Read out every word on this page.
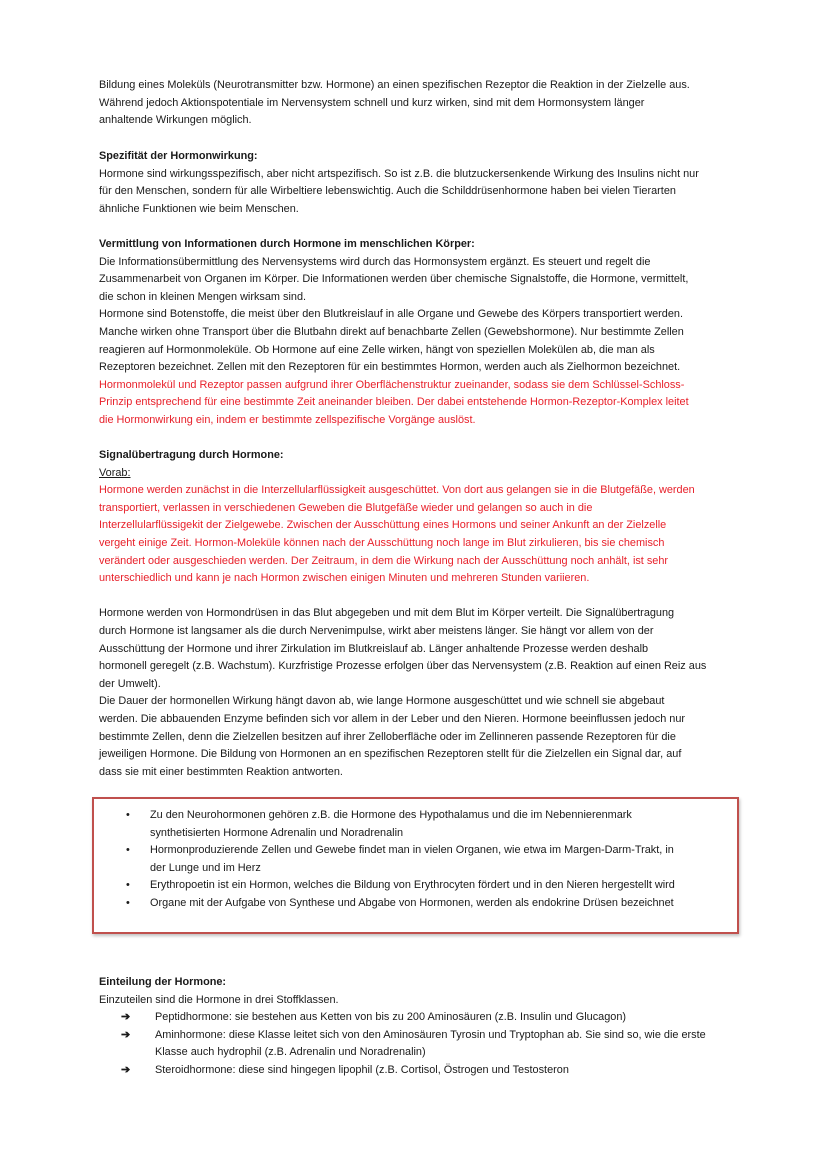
Bildung eines Moleküls (Neurotransmitter bzw. Hormone) an einen spezifischen Rezeptor die Reaktion in der Zielzelle aus.
Während jedoch Aktionspotentiale im Nervensystem schnell und kurz wirken, sind mit dem Hormonsystem länger
anhaltende Wirkungen möglich.
Spezifität der Hormonwirkung:
Hormone sind wirkungsspezifisch, aber nicht artspezifisch. So ist z.B. die blutzuckersenkende Wirkung des Insulins nicht nur
für den Menschen, sondern für alle Wirbeltiere lebenswichtig. Auch die Schilddrüsenhormone haben bei vielen Tierarten
ähnliche Funktionen wie beim Menschen.
Vermittlung von Informationen durch Hormone im menschlichen Körper:
Die Informationsübermittlung des Nervensystems wird durch das Hormonsystem ergänzt. Es steuert und regelt die
Zusammenarbeit von Organen im Körper. Die Informationen werden über chemische Signalstoffe, die Hormone, vermittelt,
die schon in kleinen Mengen wirksam sind.
Hormone sind Botenstoffe, die meist über den Blutkreislauf in alle Organe und Gewebe des Körpers transportiert werden.
Manche wirken ohne Transport über die Blutbahn direkt auf benachbarte Zellen (Gewebshormone). Nur bestimmte Zellen
reagieren auf Hormonmoleküle. Ob Hormone auf eine Zelle wirken, hängt von speziellen Molekülen ab, die man als
Rezeptoren bezeichnet. Zellen mit den Rezeptoren für ein bestimmtes Hormon, werden auch als Zielhormon bezeichnet.
Hormonmolekül und Rezeptor passen aufgrund ihrer Oberflächenstruktur zueinander, sodass sie dem Schlüssel-Schloss-
Prinzip entsprechend für eine bestimmte Zeit aneinander bleiben. Der dabei entstehende Hormon-Rezeptor-Komplex leitet
die Hormonwirkung ein, indem er bestimmte zellspezifische Vorgänge auslöst.
Signalübertragung durch Hormone:
Vorab:
Hormone werden zunächst in die Interzellularflüssigkeit ausgeschüttet. Von dort aus gelangen sie in die Blutgefäße, werden
transportiert, verlassen in verschiedenen Geweben die Blutgefäße wieder und gelangen so auch in die
Interzellularflüssigekit der Zielgewebe. Zwischen der Ausschüttung eines Hormons und seiner Ankunft an der Zielzelle
vergeht einige Zeit. Hormon-Moleküle können nach der Ausschüttung noch lange im Blut zirkulieren, bis sie chemisch
verändert oder ausgeschieden werden. Der Zeitraum, in dem die Wirkung nach der Ausschüttung noch anhält, ist sehr
unterschiedlich und kann je nach Hormon zwischen einigen Minuten und mehreren Stunden variieren.
Hormone werden von Hormondrüsen in das Blut abgegeben und mit dem Blut im Körper verteilt. Die Signalübertragung
durch Hormone ist langsamer als die durch Nervenimpulse, wirkt aber meistens länger. Sie hängt vor allem von der
Ausschüttung der Hormone und ihrer Zirkulation im Blutkreislauf ab. Länger anhaltende Prozesse werden deshalb
hormonell geregelt (z.B. Wachstum). Kurzfristige Prozesse erfolgen über das Nervensystem (z.B. Reaktion auf einen Reiz aus
der Umwelt).
Die Dauer der hormonellen Wirkung hängt davon ab, wie lange Hormone ausgeschüttet und wie schnell sie abgebaut
werden. Die abbauenden Enzyme befinden sich vor allem in der Leber und den Nieren. Hormone beeinflussen jedoch nur
bestimmte Zellen, denn die Zielzellen besitzen auf ihrer Zelloberfläche oder im Zellinneren passende Rezeptoren für die
jeweiligen Hormone. Die Bildung von Hormonen an en spezifischen Rezeptoren stellt für die Zielzellen ein Signal dar, auf
dass sie mit einer bestimmten Reaktion antworten.
• Zu den Neurohormonen gehören z.B. die Hormone des Hypothalamus und die im Nebennierenmark
synthetisierten Hormone Adrenalin und Noradrenalin
• Hormonproduzierende Zellen und Gewebe findet man in vielen Organen, wie etwa im Margen-Darm-Trakt, in
der Lunge und im Herz
• Erythropoetin ist ein Hormon, welches die Bildung von Erythrocyten fördert und in den Nieren hergestellt wird
• Organe mit der Aufgabe von Synthese und Abgabe von Hormonen, werden als endokrine Drüsen bezeichnet
Einteilung der Hormone:
Einzuteilen sind die Hormone in drei Stoffklassen.
➔ Peptidhormone: sie bestehen aus Ketten von bis zu 200 Aminosäuren (z.B. Insulin und Glucagon)
➔ Aminhormone: diese Klasse leitet sich von den Aminosäuren Tyrosin und Tryptophan ab. Sie sind so, wie die erste
Klasse auch hydrophil (z.B. Adrenalin und Noradrenalin)
➔ Steroidhormone: diese sind hingegen lipophil (z.B. Cortisol, Östrogen und Testosteron
